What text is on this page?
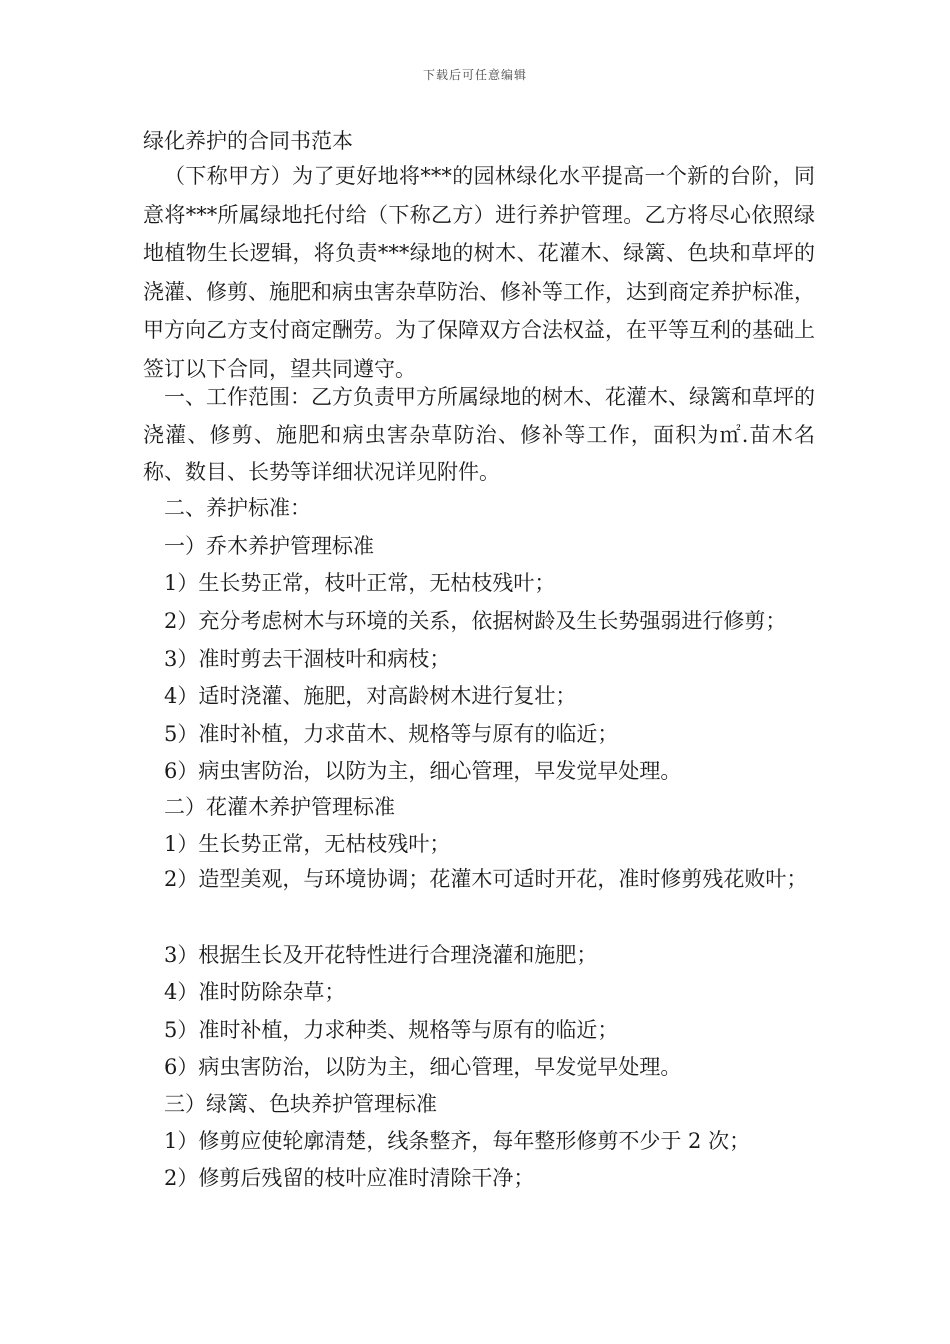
下载后可任意编辑
绿化养护的合同书范本
（下称甲方）为了更好地将***的园林绿化水平提高一个新的台阶，同意将***所属绿地托付给（下称乙方）进行养护管理。乙方将尽心依照绿地植物生长逻辑，将负责***绿地的树木、花灌木、绿篱、色块和草坪的浇灌、修剪、施肥和病虫害杂草防治、修补等工作，达到商定养护标准，甲方向乙方支付商定酬劳。为了保障双方合法权益，在平等互利的基础上签订以下合同，望共同遵守。
一、工作范围：乙方负责甲方所属绿地的树木、花灌木、绿篱和草坪的浇灌、修剪、施肥和病虫害杂草防治、修补等工作，面积为㎡.苗木名称、数目、长势等详细状况详见附件。
二、养护标准：
一）乔木养护管理标准
1）生长势正常，枝叶正常，无枯枝残叶；
2）充分考虑树木与环境的关系，依据树龄及生长势强弱进行修剪；
3）准时剪去干涸枝叶和病枝；
4）适时浇灌、施肥，对高龄树木进行复壮；
5）准时补植，力求苗木、规格等与原有的临近；
6）病虫害防治，以防为主，细心管理，早发觉早处理。
二）花灌木养护管理标准
1）生长势正常，无枯枝残叶；
2）造型美观，与环境协调；花灌木可适时开花，准时修剪残花败叶；
3）根据生长及开花特性进行合理浇灌和施肥；
4）准时防除杂草；
5）准时补植，力求种类、规格等与原有的临近；
6）病虫害防治，以防为主，细心管理，早发觉早处理。
三）绿篱、色块养护管理标准
1）修剪应使轮廓清楚，线条整齐，每年整形修剪不少于 2 次；
2）修剪后残留的枝叶应准时清除干净；
